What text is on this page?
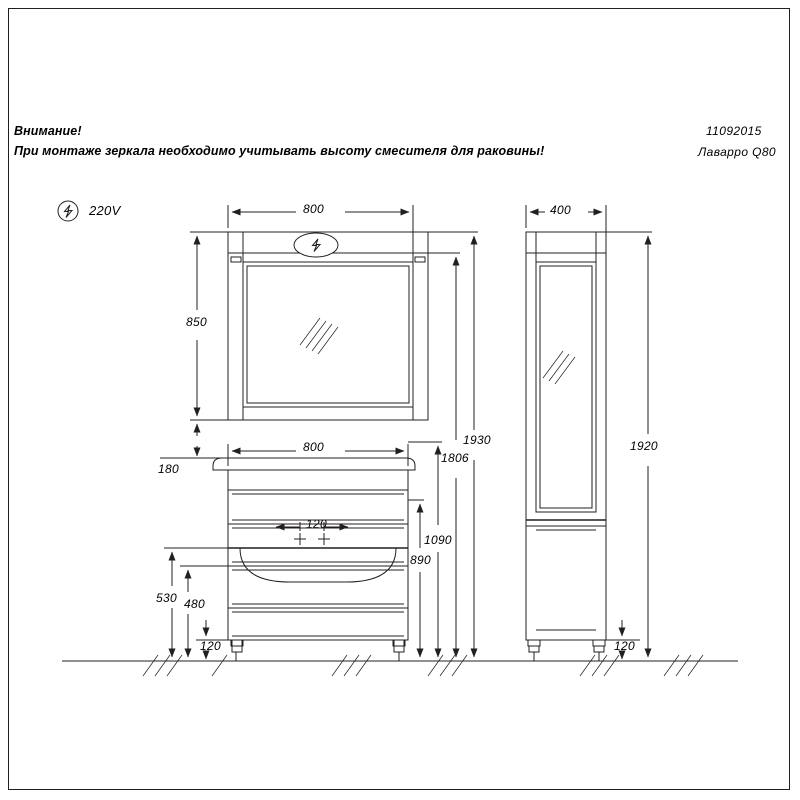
Внимание!
При монтаже зеркала необходимо учитывать высоту смесителя для раковины!
11092015
Лаварро Q80
220V	800
850
180
800
120
1930
1806
1090
890
530 480
120
400
1920
120
